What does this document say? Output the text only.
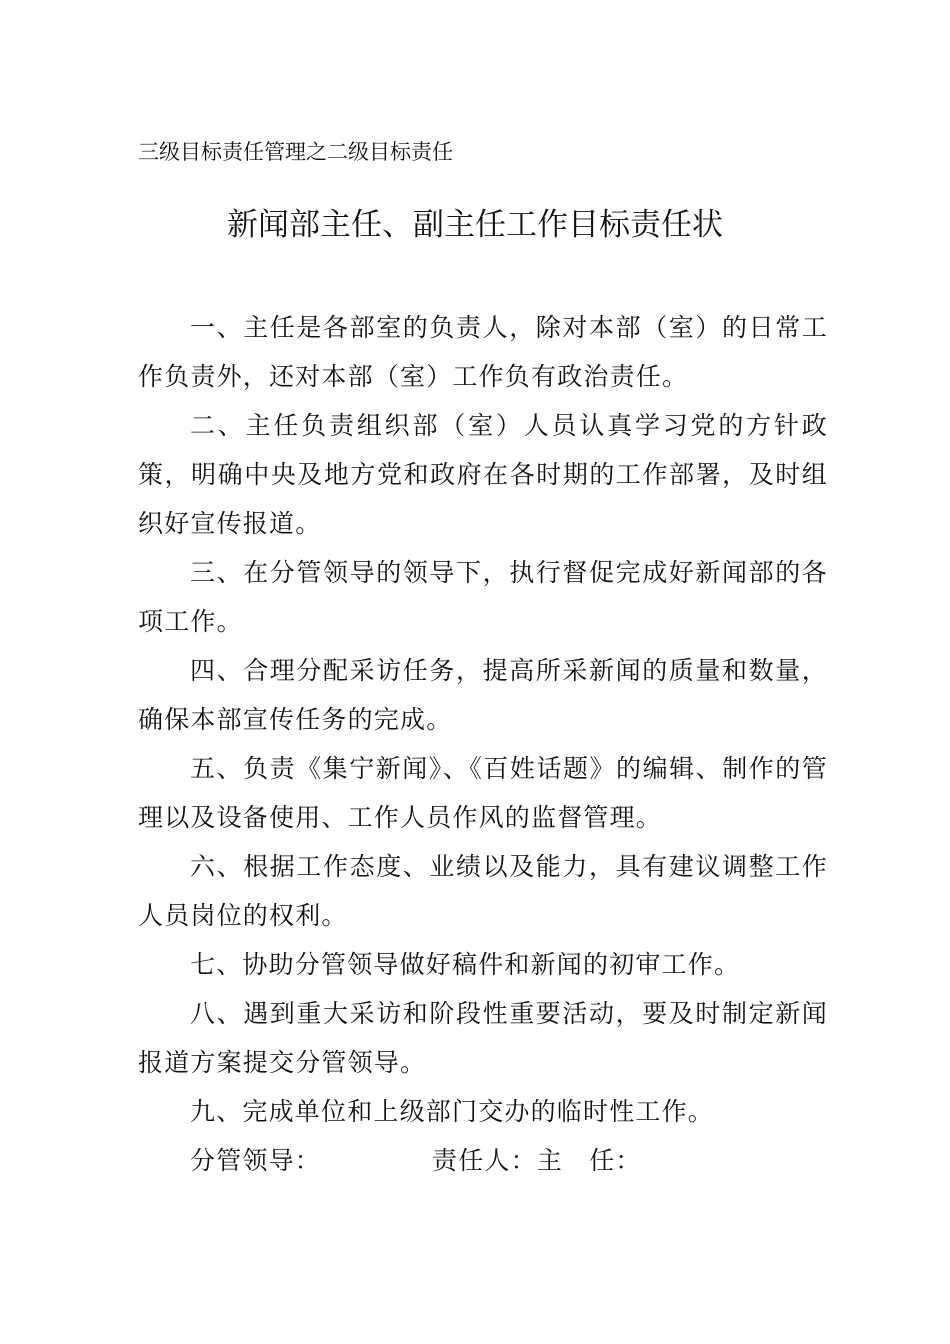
三级目标责任管理之二级目标责任
新闻部主任、副主任工作目标责任状

一、主任是各部室的负责人，除对本部（室）的日常工作负责外，还对本部（室）工作负有政治责任。

二、主任负责组织部（室）人员认真学习党的方针政策，明确中央及地方党和政府在各时期的工作部署，及时组织好宣传报道。

三、在分管领导的领导下，执行督促完成好新闻部的各项工作。

四、合理分配采访任务，提高所采新闻的质量和数量，确保本部宣传任务的完成。

五、负责《集宁新闻》、《百姓话题》的编辑、制作的管理以及设备使用、工作人员作风的监督管理。

六、根据工作态度、业绩以及能力，具有建议调整工作人员岗位的权利。

七、协助分管领导做好稿件和新闻的初审工作。

八、遇到重大采访和阶段性重要活动，要及时制定新闻报道方案提交分管领导。

九、完成单位和上级部门交办的临时性工作。

分管领导：	责任人：主　任：
